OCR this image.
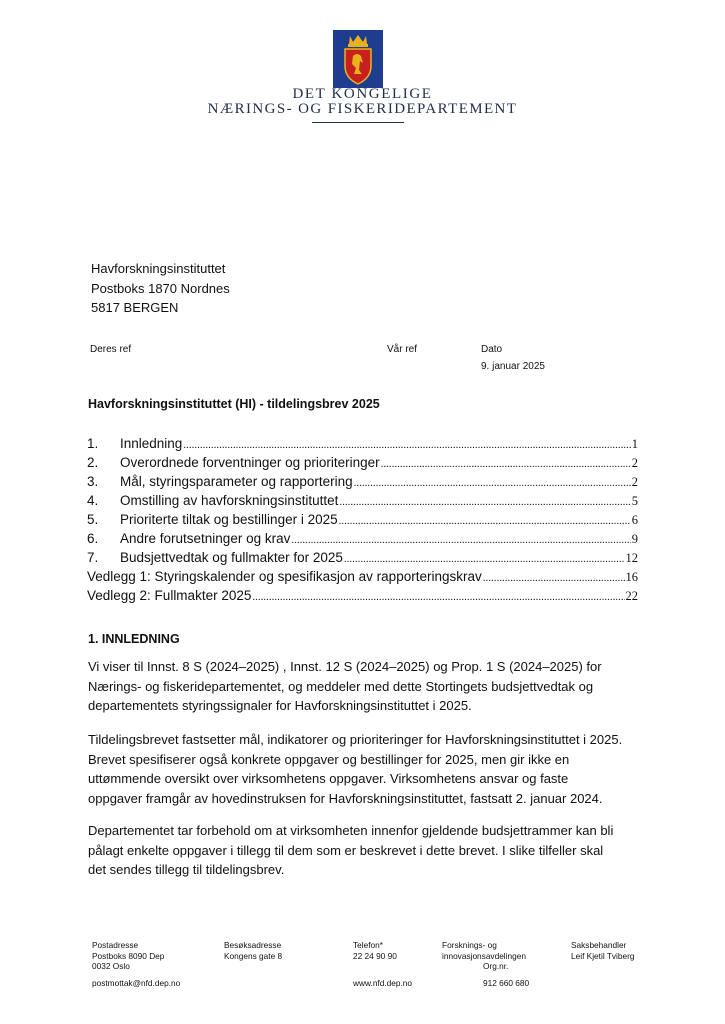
DET KONGELIGE
NÆRINGS- OG FISKERIDEPARTEMENT
Havforskningsinstituttet
Postboks 1870 Nordnes
5817 BERGEN
Deres ref	Vår ref	Dato
9. januar 2025
Havforskningsinstituttet (HI) - tildelingsbrev 2025
1.	Innledning .....	1
2.	Overordnede forventninger og prioriteringer .....	2
3.	Mål, styringsparameter og rapportering .....	2
4.	Omstilling av havforskningsinstituttet .....	5
5.	Prioriterte tiltak og bestillinger i 2025 .....	6
6.	Andre forutsetninger og krav .....	9
7.	Budsjettvedtak og fullmakter for 2025 .....	12
Vedlegg 1: Styringskalender og spesifikasjon av rapporteringskrav .....	16
Vedlegg 2: Fullmakter 2025 .....	22
1. INNLEDNING
Vi viser til Innst. 8 S (2024–2025) , Innst. 12 S (2024–2025) og Prop. 1 S (2024–2025) for
Nærings- og fiskeridepartementet, og meddeler med dette Stortingets budsjettvedtak og
departementets styringssignaler for Havforskningsinstituttet i 2025.
Tildelingsbrevet fastsetter mål, indikatorer og prioriteringer for Havforskningsinstituttet i 2025.
Brevet spesifiserer også konkrete oppgaver og bestillinger for 2025, men gir ikke en
uttømmende oversikt over virksomhetens oppgaver. Virksomhetens ansvar og faste
oppgaver framgår av hovedinstruksen for Havforskningsinstituttet, fastsatt 2. januar 2024.
Departementet tar forbehold om at virksomheten innenfor gjeldende budsjettrammer kan bli
pålagt enkelte oppgaver i tillegg til dem som er beskrevet i dette brevet. I slike tilfeller skal
det sendes tillegg til tildelingsbrev.
Postadresse
Postboks 8090 Dep
0032 Oslo
Besøksadresse
Kongens gate 8
Telefon*
22 24 90 90
Forsknings- og
innovasjonsavdelingen
Org.nr.
Saksbehandler
Leif Kjetil Tviberg
postmottak@nfd.dep.no	www.nfd.dep.no	912 660 680
